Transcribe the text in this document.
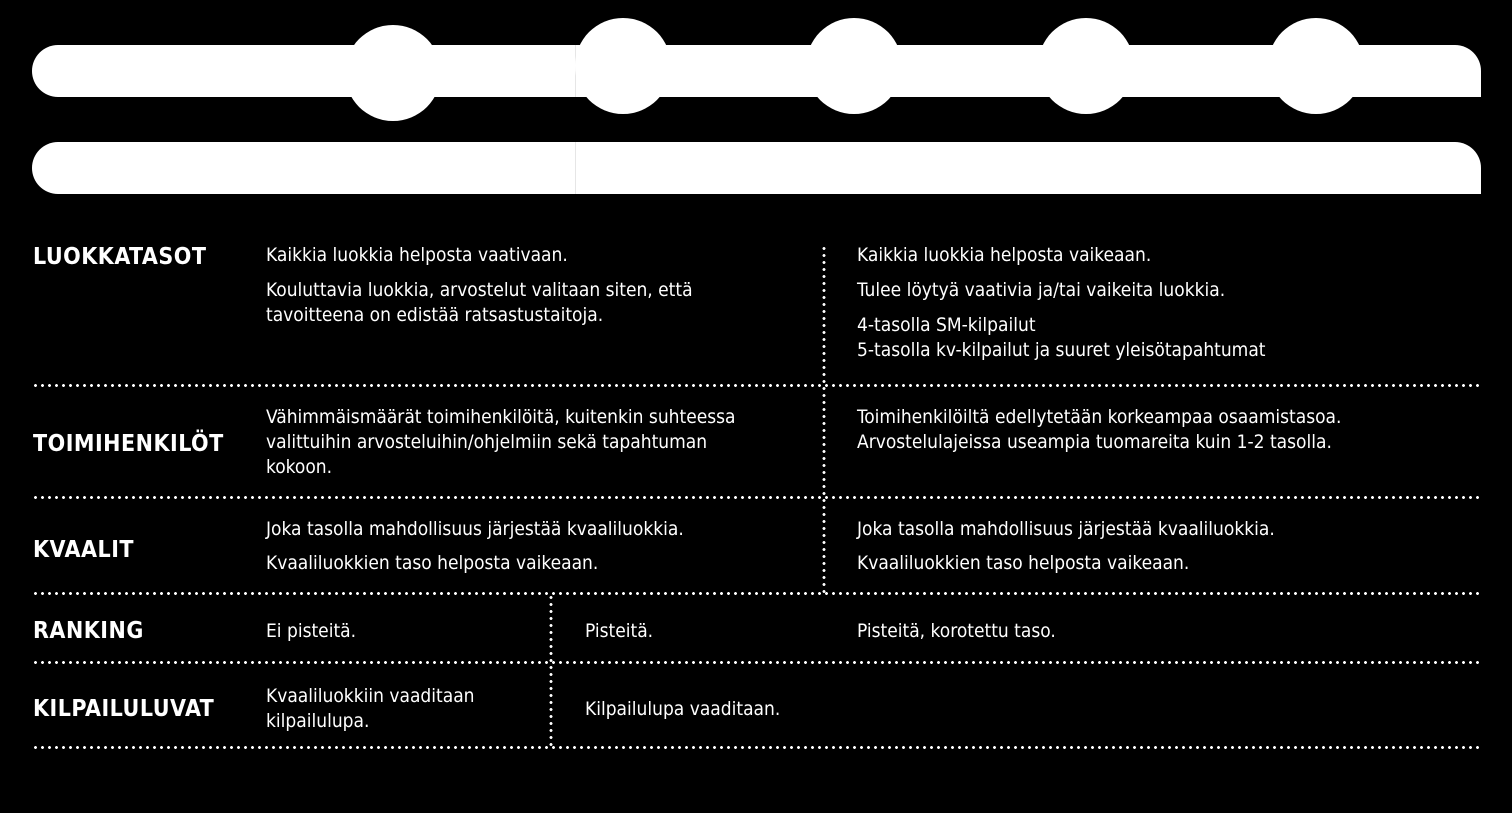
LUOKKATASOT
TOIMIHENKILÖT
KVAALIT
RANKING
KILPAILULUVAT
Kaikkia luokkia helposta vaativaan.
Kouluttavia luokkia, arvostelut valitaan siten, että
tavoitteena on edistää ratsastustaitoja.
Kaikkia luokkia helposta vaikeaan.
Tulee löytyä vaativia ja/tai vaikeita luokkia.
4-tasolla SM-kilpailut
5-tasolla kv-kilpailut ja suuret yleisötapahtumat
Vähimmäismäärät toimihenkilöitä, kuitenkin suhteessa
valittuihin arvosteluihin/ohjelmiin sekä tapahtuman
kokoon.
Toimihenkilöiltä edellytetään korkeampaa osaamistasoa.
Arvostelulajeissa useampia tuomareita kuin 1-2 tasolla.
Joka tasolla mahdollisuus järjestää kvaaliluokkia.
Kvaaliluokkien taso helposta vaikeaan.
Joka tasolla mahdollisuus järjestää kvaaliluokkia.
Kvaaliluokkien taso helposta vaikeaan.
Ei pisteitä.	Pisteitä.	Pisteitä, korotettu taso.
Kvaaliluokkiin vaaditaan
kilpailulupa.
Kilpailulupa vaaditaan.
